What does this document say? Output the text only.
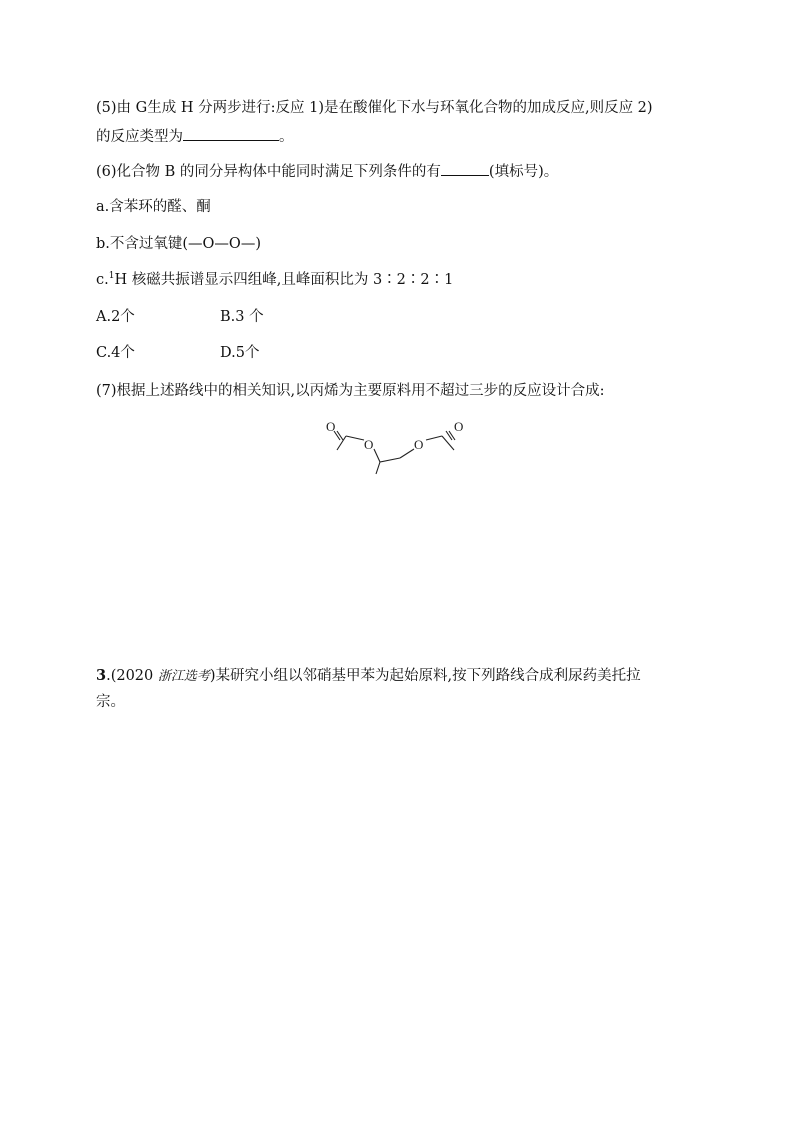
(5)由 G生成 H 分两步进行:反应 1)是在酸催化下水与环氧化合物的加成反应,则反应 2)
的反应类型为	。
(6)化合物 B 的同分异构体中能同时满足下列条件的有	(填标号)。
a.含苯环的醛、酮
b.不含过氧键(—O—O—)
c.$^1$H 核磁共振谱显示四组峰,且峰面积比为 3∶2∶2∶1
A.2个	B.3 个
C.4个	D.5个
(7)根据上述路线中的相关知识,以丙烯为主要原料用不超过三步的反应设计合成:
O
O	O
O
3.(2020 浙江选考)某研究小组以邻硝基甲苯为起始原料,按下列路线合成利尿药美托拉
宗。
